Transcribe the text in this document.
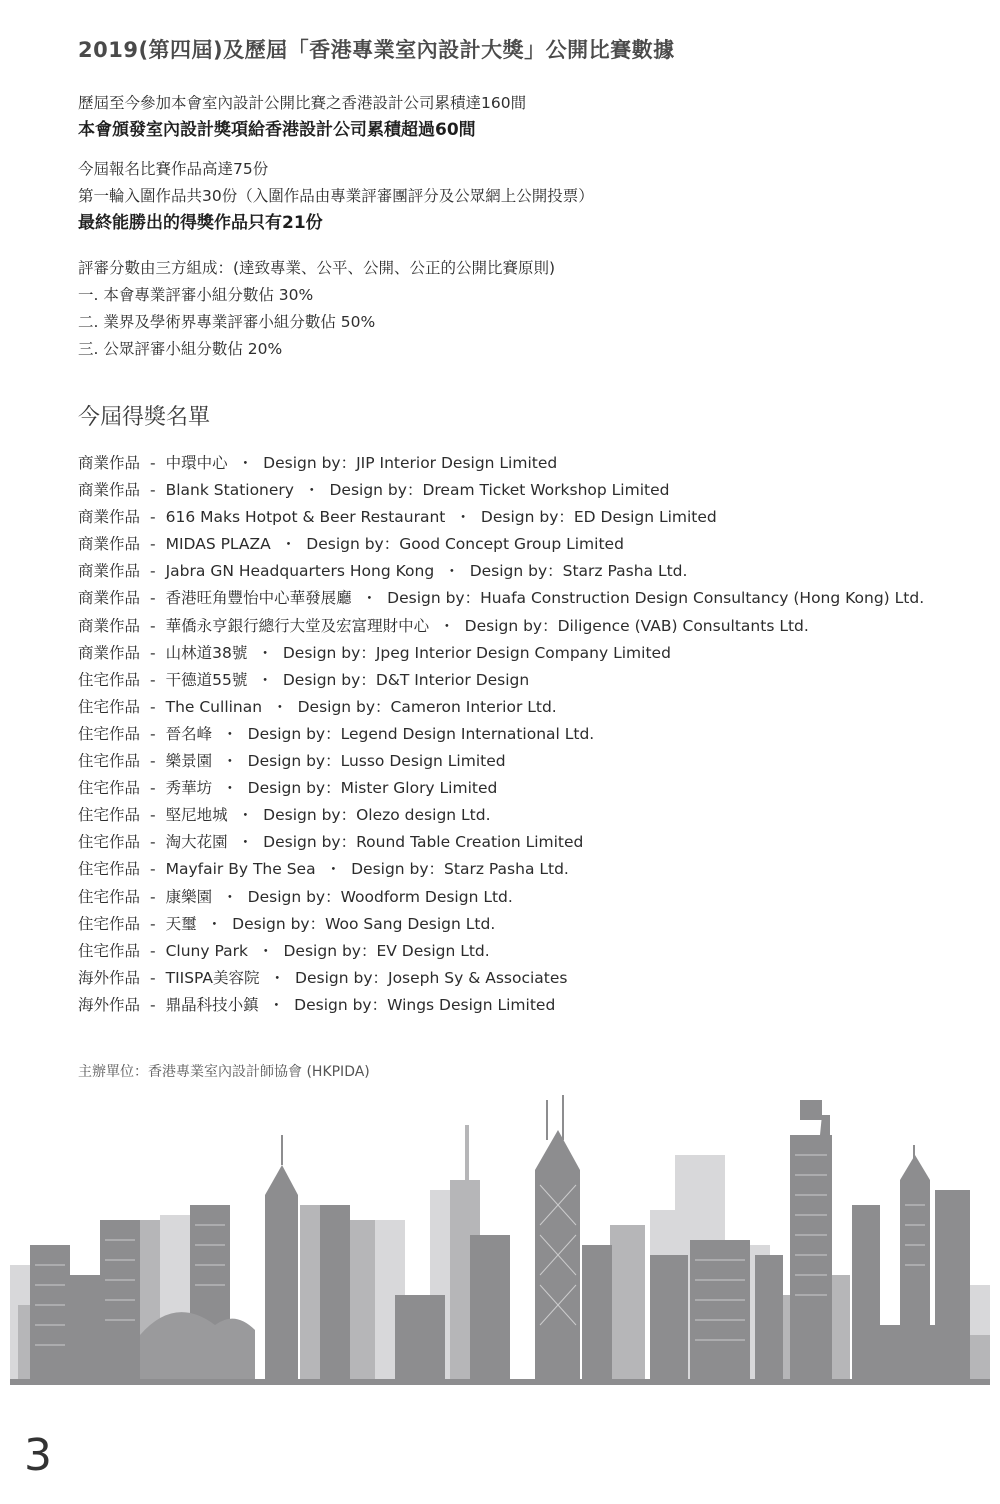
2019(第四屆)及歷屆「香港專業室內設計大獎」公開比賽數據
歷屆至今參加本會室內設計公開比賽之香港設計公司累積達160間
本會頒發室內設計獎項給香港設計公司累積超過60間
今屆報名比賽作品高達75份
第一輪入圍作品共30份（入圍作品由專業評審團評分及公眾網上公開投票）
最終能勝出的得獎作品只有21份
評審分數由三方組成：(達致專業、公平、公開、公正的公開比賽原則)
一. 本會專業評審小組分數佔 30%
二. 業界及學術界專業評審小組分數佔 50%
三. 公眾評審小組分數佔 20%
今屆得獎名單
商業作品 - 中環中心 ・ Design by：JIP Interior Design Limited
商業作品 - Blank Stationery ・ Design by：Dream Ticket Workshop Limited
商業作品 - 616 Maks Hotpot & Beer Restaurant ・ Design by：ED Design Limited
商業作品 - MIDAS PLAZA ・ Design by：Good Concept Group Limited
商業作品 - Jabra GN Headquarters Hong Kong ・ Design by：Starz Pasha Ltd.
商業作品 - 香港旺角豐怡中心華發展廳 ・ Design by：Huafa Construction Design Consultancy (Hong Kong) Ltd.
商業作品 - 華僑永亨銀行總行大堂及宏富理財中心 ・ Design by：Diligence (VAB) Consultants Ltd.
商業作品 - 山林道38號 ・ Design by：Jpeg Interior Design Company Limited
住宅作品 - 干德道55號 ・ Design by：D&T Interior Design
住宅作品 - The Cullinan ・ Design by：Cameron Interior Ltd.
住宅作品 - 晉名峰 ・ Design by：Legend Design International Ltd.
住宅作品 - 樂景園 ・ Design by：Lusso Design Limited
住宅作品 - 秀華坊 ・ Design by：Mister Glory Limited
住宅作品 - 堅尼地城 ・ Design by：Olezo design Ltd.
住宅作品 - 淘大花園 ・ Design by：Round Table Creation Limited
住宅作品 - Mayfair By The Sea ・ Design by：Starz Pasha Ltd.
住宅作品 - 康樂園 ・ Design by：Woodform Design Ltd.
住宅作品 - 天璽 ・ Design by：Woo Sang Design Ltd.
住宅作品 - Cluny Park ・ Design by：EV Design Ltd.
海外作品 - TIISPA美容院 ・ Design by：Joseph Sy & Associates
海外作品 - 鼎晶科技小鎮 ・ Design by：Wings Design Limited
主辦單位：香港專業室內設計師協會 (HKPIDA)
3
